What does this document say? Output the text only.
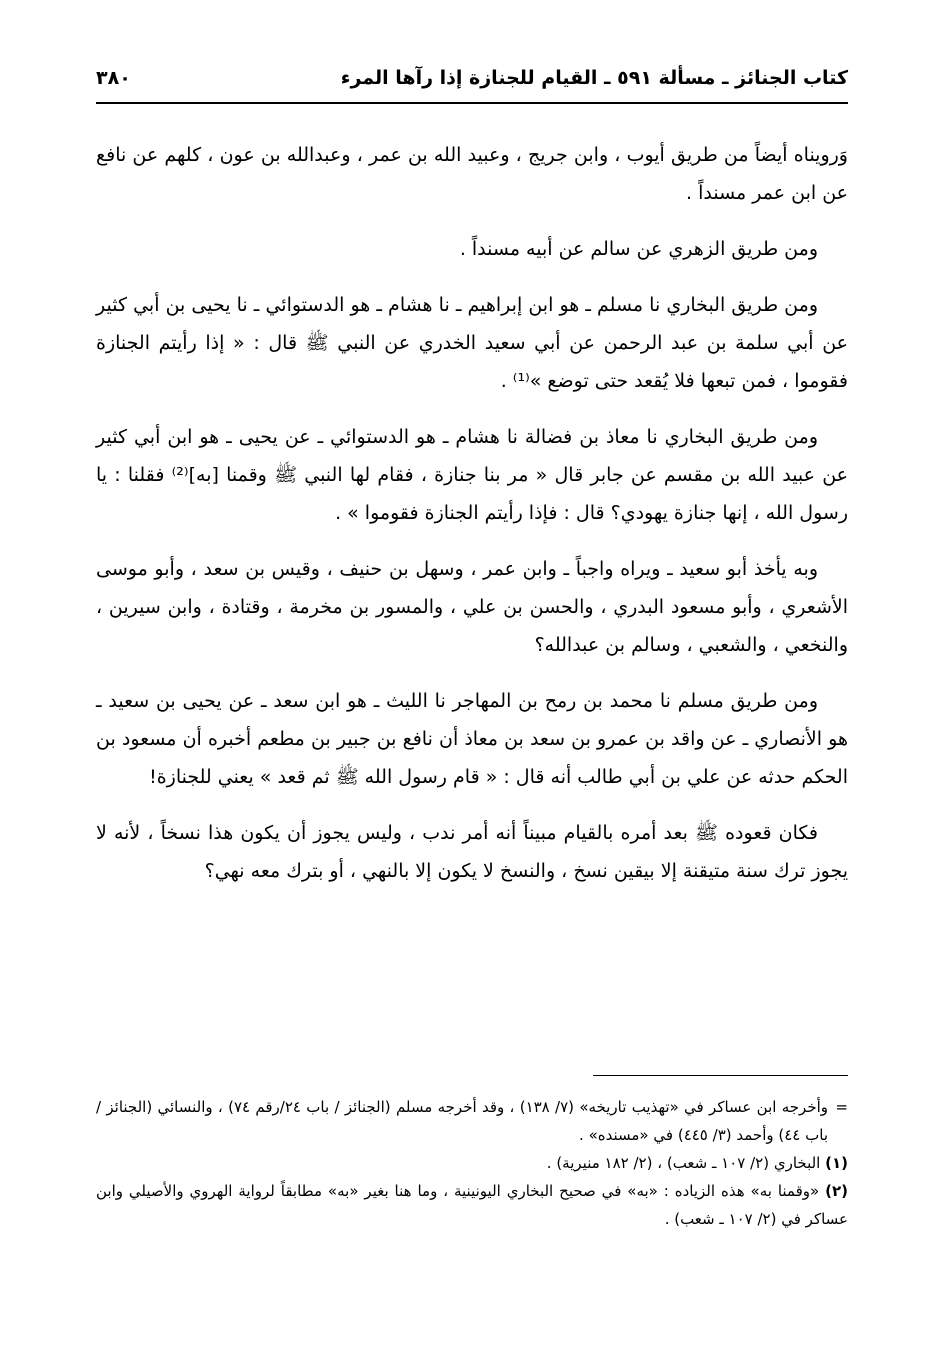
كتاب الجنائز ـ مسألة ٥٩١ ـ القيام للجنازة إذا رآها المرء
٣٨٠

وَرويناه أيضاً من طريق أيوب ، وابن جريج ، وعبيد الله بن عمر ، وعبدالله بن عون ، كلهم عن نافع عن ابن عمر مسنداً .

ومن طريق الزهري عن سالم عن أبيه مسنداً .

ومن طريق البخاري نا مسلم ـ هو ابن إبراهيم ـ نا هشام ـ هو الدستوائي ـ نا يحيى بن أبي كثير عن أبي سلمة بن عبد الرحمن عن أبي سعيد الخدري عن النبي ﷺ قال : « إذا رأيتم الجنازة فقوموا ، فمن تبعها فلا يُقعد حتى توضع »⁽¹⁾ .

ومن طريق البخاري نا معاذ بن فضالة نا هشام ـ هو الدستوائي ـ عن يحيى ـ هو ابن أبي كثير عن عبيد الله بن مقسم عن جابر قال « مر بنا جنازة ، فقام لها النبي ﷺ وقمنا [به]⁽²⁾ فقلنا : يا رسول الله ، إنها جنازة يهودي؟ قال : فإذا رأيتم الجنازة فقوموا » .

وبه يأخذ أبو سعيد ـ ويراه واجباً ـ وابن عمر ، وسهل بن حنيف ، وقيس بن سعد ، وأبو موسى الأشعري ، وأبو مسعود البدري ، والحسن بن علي ، والمسور بن مخرمة ، وقتادة ، وابن سيرين ، والنخعي ، والشعبي ، وسالم بن عبدالله؟

ومن طريق مسلم نا محمد بن رمح بن المهاجر نا الليث ـ هو ابن سعد ـ عن يحيى بن سعيد ـ هو الأنصاري ـ عن واقد بن عمرو بن سعد بن معاذ أن نافع بن جبير بن مطعم أخبره أن مسعود بن الحكم حدثه عن علي بن أبي طالب أنه قال : « قام رسول الله ﷺ ثم قعد » يعني للجنازة!

فكان قعوده ﷺ بعد أمره بالقيام مبيناً أنه أمر ندب ، وليس يجوز أن يكون هذا نسخاً ، لأنه لا يجوز ترك سنة متيقنة إلا بيقين نسخ ، والنسخ لا يكون إلا بالنهي ، أو بترك معه نهي؟

= وأخرجه ابن عساكر في «تهذيب تاريخه» (٧/ ١٣٨) ، وقد أخرجه مسلم (الجنائز / باب ٢٤/رقم ٧٤) ، والنسائي (الجنائز / باب ٤٤) وأحمد (٣/ ٤٤٥) في «مسنده» .

(١) البخاري (٢/ ١٠٧ ـ شعب) ، (٢/ ١٨٢ منيرية) .

(٢) «وقمنا به» هذه الزياده : «به» في صحيح البخاري اليونينية ، وما هنا بغير «به» مطابقاً لرواية الهروي والأصيلي وابن عساكر في (٢/ ١٠٧ ـ شعب) .
